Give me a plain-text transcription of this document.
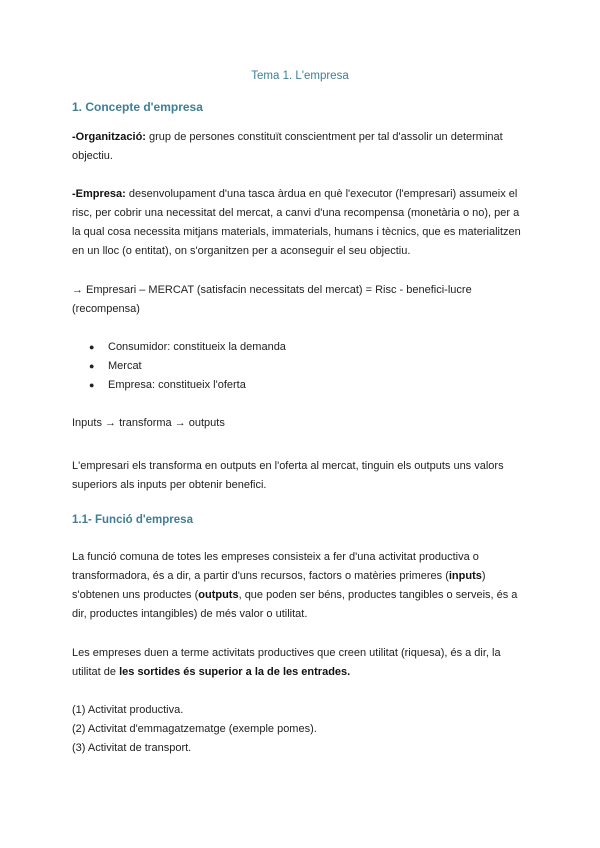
Tema 1. L'empresa
1. Concepte d'empresa

-Organització: grup de persones constituït conscientment per tal d'assolir un determinat
objectiu.

-Empresa: desenvolupament d'una tasca àrdua en què l'executor (l'empresari) assumeix el
risc, per cobrir una necessitat del mercat, a canvi d'una recompensa (monetària o no), per a
la qual cosa necessita mitjans materials, immaterials, humans i tècnics, que es materialitzen
en un lloc (o entitat), on s'organitzen per a aconseguir el seu objectiu.

→ Empresari – MERCAT (satisfacin necessitats del mercat) = Risc - benefici-lucre
(recompensa)

● Consumidor: constitueix la demanda
● Mercat
● Empresa: constitueix l'oferta
Inputs → transforma → outputs

L'empresari els transforma en outputs en l'oferta al mercat, tinguin els outputs uns valors
superiors als inputs per obtenir benefici.

1.1- Funció d'empresa

La funció comuna de totes les empreses consisteix a fer d'una activitat productiva o
transformadora, és a dir, a partir d'uns recursos, factors o matèries primeres (inputs)
s'obtenen uns productes (outputs, que poden ser béns, productes tangibles o serveis, és a
dir, productes intangibles) de més valor o utilitat.

Les empreses duen a terme activitats productives que creen utilitat (riquesa), és a dir, la
utilitat de les sortides és superior a la de les entrades.

(1) Activitat productiva.
(2) Activitat d'emmagatzematge (exemple pomes).
(3) Activitat de transport.
